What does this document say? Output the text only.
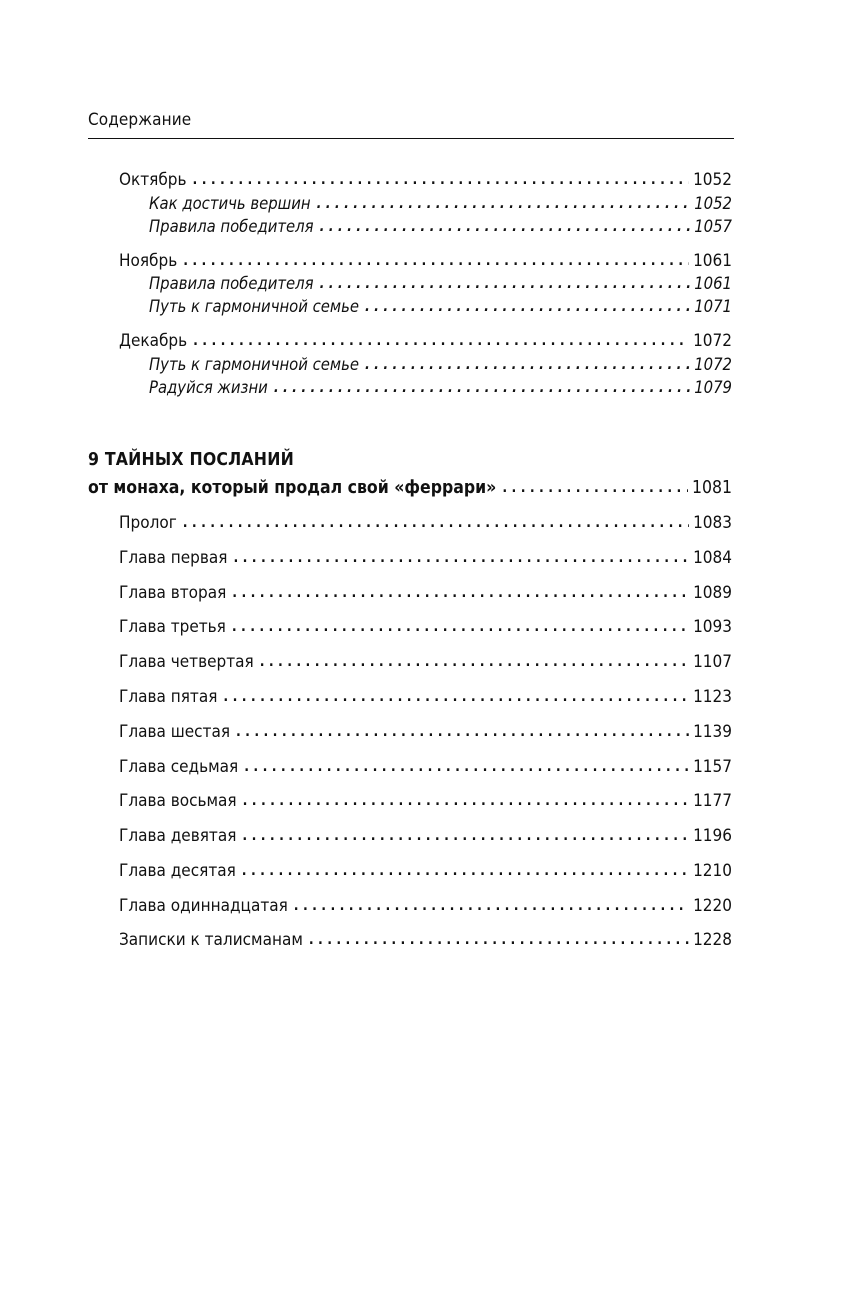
Содержание
Октябрь . . .	1052
Как достичь вершин . . .	1052
Правила победителя . . .	1057
Ноябрь . . .	1061
Правила победителя . . .	1061
Путь к гармоничной семье . . .	1071
Декабрь . . .	1072
Путь к гармоничной семье . . .	1072
Радуйся жизни . . .	1079
9 ТАЙНЫХ ПОСЛАНИЙ
от монаха, который продал свой «феррари» . . .	1081
Пролог . . .	1083
Глава первая . . .	1084
Глава вторая . . .	1089
Глава третья . . .	1093
Глава четвертая . . .	1107
Глава пятая . . .	1123
Глава шестая . . .	1139
Глава седьмая . . .	1157
Глава восьмая . . .	1177
Глава девятая . . .	1196
Глава десятая . . .	1210
Глава одиннадцатая . . .	1220
Записки к талисманам . . .	1228
